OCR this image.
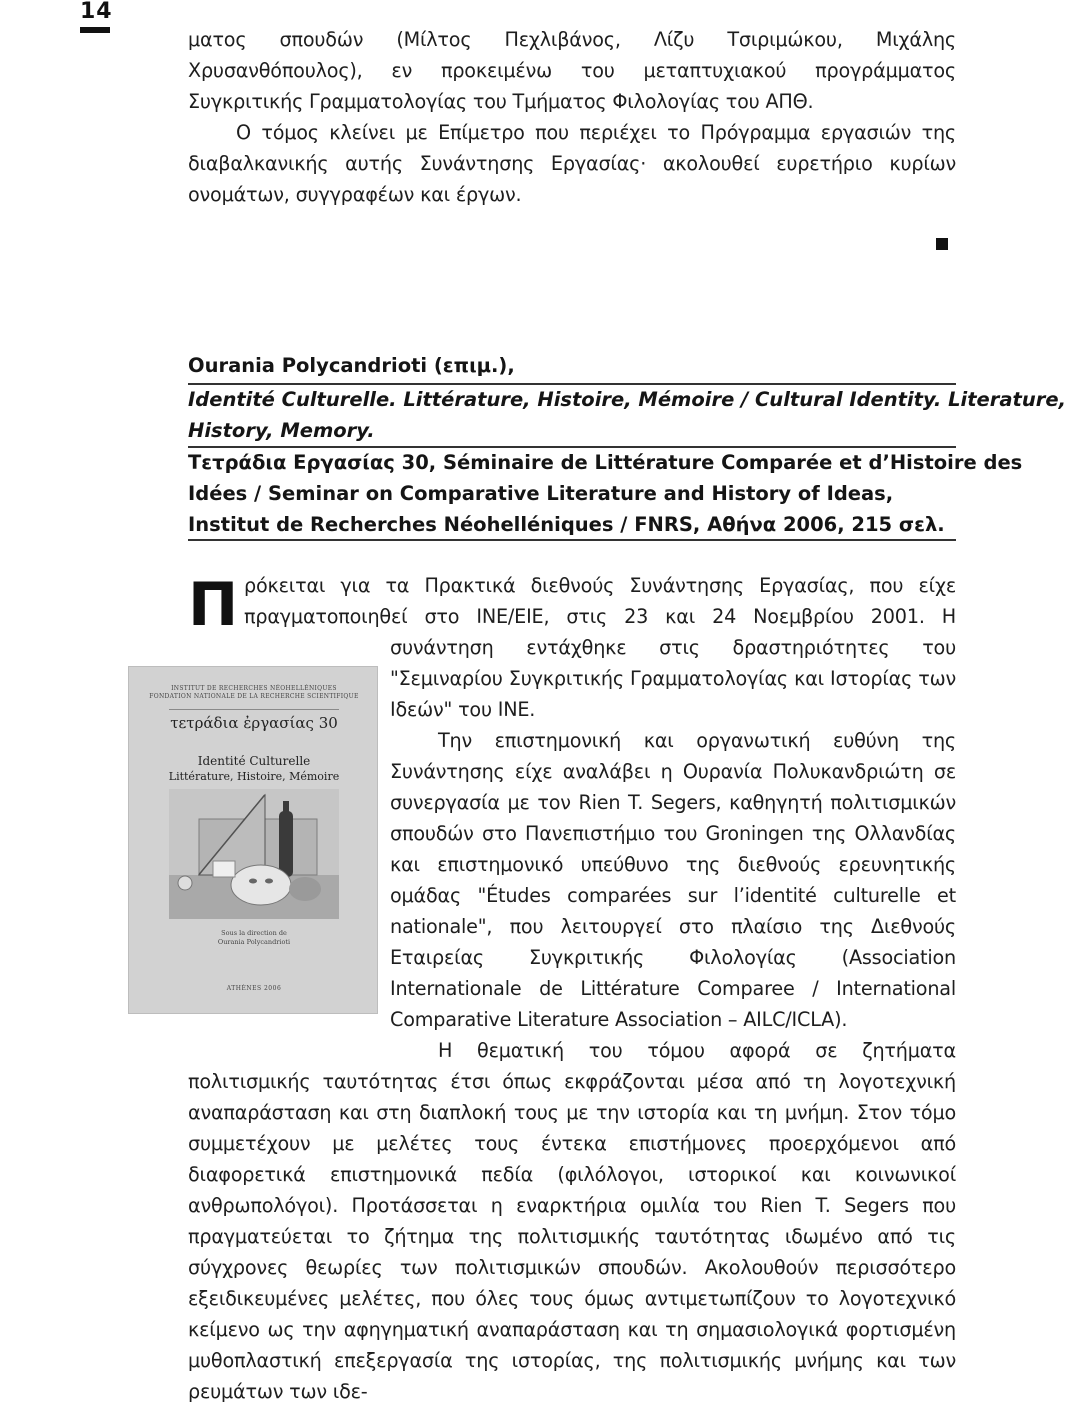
14

ματος σπουδών (Μίλτος Πεχλιβάνος, Λίζυ Τσιριμώκου, Μιχάλης Χρυσανθόπουλος), εν προκειμένω του μεταπτυχιακού προγράμματος Συγκριτικής Γραμματολογίας του Τμήματος Φιλολογίας του ΑΠΘ.
Ο τόμος κλείνει με Επίμετρο που περιέχει το Πρόγραμμα εργασιών της διαβαλκανικής αυτής Συνάντησης Εργασίας· ακολουθεί ευρετήριο κυρίων ονομάτων, συγγραφέων και έργων.

Ourania Polycandrioti (επιμ.),
Identité Culturelle. Littérature, Histoire, Mémoire / Cultural Identity. Literature,
History, Memory.
Τετράδια Εργασίας 30, Séminaire de Littérature Comparée et d’Histoire des
Idées / Seminar on Comparative Literature and History of Ideas,
Institut de Recherches Néohelléniques / FNRS, Αθήνα 2006, 215 σελ.
Π
INSTITUT DE RECHERCHES NÉOHELLÉNIQUES
FONDATION NATIONALE DE LA RECHERCHE SCIENTIFIQUE
τετράδια ἐργασίας 30
Identité Culturelle
Littérature, Histoire, Mémoire
Sous la direction de
Ourania Polycandrioti
ATHÈNES 2006
ρόκειται για τα Πρακτικά διεθνούς Συνάντησης Εργασίας, που είχε πραγματοποιηθεί στο ΙΝΕ/ΕΙΕ, στις 23 και 24 Νοεμβρίου 2001. Η συνάντηση εντάχθηκε στις δραστηριότητες του "Σεμιναρίου Συγκριτικής Γραμματολογίας και Ιστορίας των Ιδεών" του ΙΝΕ.
Την επιστημονική και οργανωτική ευθύνη της Συνάντησης είχε αναλάβει η Ουρανία Πολυκανδριώτη σε συνεργασία με τον Rien T. Segers, καθηγητή πολιτισμικών σπουδών στο Πανεπιστήμιο του Groningen της Ολλανδίας και επιστημονικό υπεύθυνο της διεθνούς ερευνητικής ομάδας "Études comparées sur l’identité culturelle et nationale", που λειτουργεί στο πλαίσιο της Διεθνούς Εταιρείας Συγκριτικής Φιλολογίας (Association Internationale de Littérature Comparee / International Comparative Literature Association – AILC/ICLA).
Η θεματική του τόμου αφορά σε ζητήματα πολιτισμικής ταυτότητας έτσι όπως εκφράζονται μέσα από τη λογοτεχνική αναπαράσταση και στη διαπλοκή τους με την ιστορία και τη μνήμη. Στον τόμο συμμετέχουν με μελέτες τους έντεκα επιστήμονες προερχόμενοι από διαφορετικά επιστημονικά πεδία (φιλόλογοι, ιστορικοί και κοινωνικοί ανθρωπολόγοι). Προτάσσεται η εναρκτήρια ομιλία του Rien T. Segers που πραγματεύεται το ζήτημα της πολιτισμικής ταυτότητας ιδωμένο από τις σύγχρονες θεωρίες των πολιτισμικών σπουδών. Ακολουθούν περισσότερο εξειδικευμένες μελέτες, που όλες τους όμως αντιμετωπίζουν το λογοτεχνικό κείμενο ως την αφηγηματική αναπαράσταση και τη σημασιολογικά φορτισμένη μυθοπλαστική επεξεργασία της ιστορίας, της πολιτισμικής μνήμης και των ρευμάτων των ιδε-
